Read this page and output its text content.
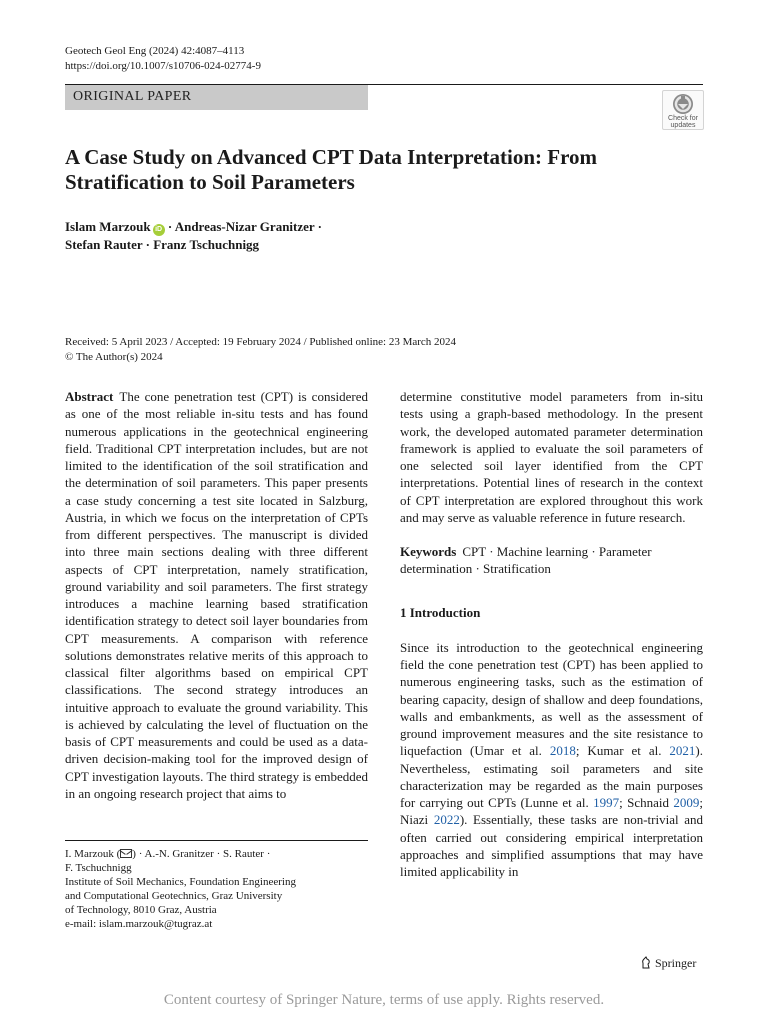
Geotech Geol Eng (2024) 42:4087–4113
https://doi.org/10.1007/s10706-024-02774-9
ORIGINAL PAPER
Check for
updates
A Case Study on Advanced CPT Data Interpretation: From Stratification to Soil Parameters
Islam Marzouk iD · Andreas-Nizar Granitzer ·
Stefan Rauter · Franz Tschuchnigg
Received: 5 April 2023 / Accepted: 19 February 2024 / Published online: 23 March 2024
© The Author(s) 2024

Abstract The cone penetration test (CPT) is considered as one of the most reliable in-situ tests and has found numerous applications in the geotechnical engineering field. Traditional CPT interpretation includes, but are not limited to the identification of the soil stratification and the determination of soil parameters. This paper presents a case study concerning a test site located in Salzburg, Austria, in which we focus on the interpretation of CPTs from different perspectives. The manuscript is divided into three main sections dealing with three different aspects of CPT interpretation, namely stratification, ground variability and soil parameters. The first strategy introduces a machine learning based stratification identification strategy to detect soil layer boundaries from CPT measurements. A comparison with reference solutions demonstrates relative merits of this approach to classical filter algorithms based on empirical CPT classifications. The second strategy introduces an intuitive approach to evaluate the ground variability. This is achieved by calculating the level of fluctuation on the basis of CPT measurements and could be used as a data-driven decision-making tool for the improved design of CPT investigation layouts. The third strategy is embedded in an ongoing research project that aims to

determine constitutive model parameters from in-situ tests using a graph-based methodology. In the present work, the developed automated parameter determination framework is applied to evaluate the soil parameters of one selected soil layer identified from the CPT interpretations. Potential lines of research in the context of CPT interpretation are explored throughout this work and may serve as valuable reference in future research.

Keywords CPT · Machine learning · Parameter determination · Stratification

1 Introduction

Since its introduction to the geotechnical engineering field the cone penetration test (CPT) has been applied to numerous engineering tasks, such as the estimation of bearing capacity, design of shallow and deep foundations, walls and embankments, as well as the assessment of ground improvement measures and the site resistance to liquefaction (Umar et al. 2018; Kumar et al. 2021). Nevertheless, estimating soil parameters and site characterization may be regarded as the main purposes for carrying out CPTs (Lunne et al. 1997; Schnaid 2009; Niazi 2022). Essentially, these tasks are non-trivial and often carried out considering empirical interpretation approaches and simplified assumptions that may have limited applicability in

I. Marzouk ( ) · A.-N. Granitzer · S. Rauter ·
F. Tschuchnigg
Institute of Soil Mechanics, Foundation Engineering
and Computational Geotechnics, Graz University
of Technology, 8010 Graz, Austria
e-mail: islam.marzouk@tugraz.at
Springer
Content courtesy of Springer Nature, terms of use apply. Rights reserved.
